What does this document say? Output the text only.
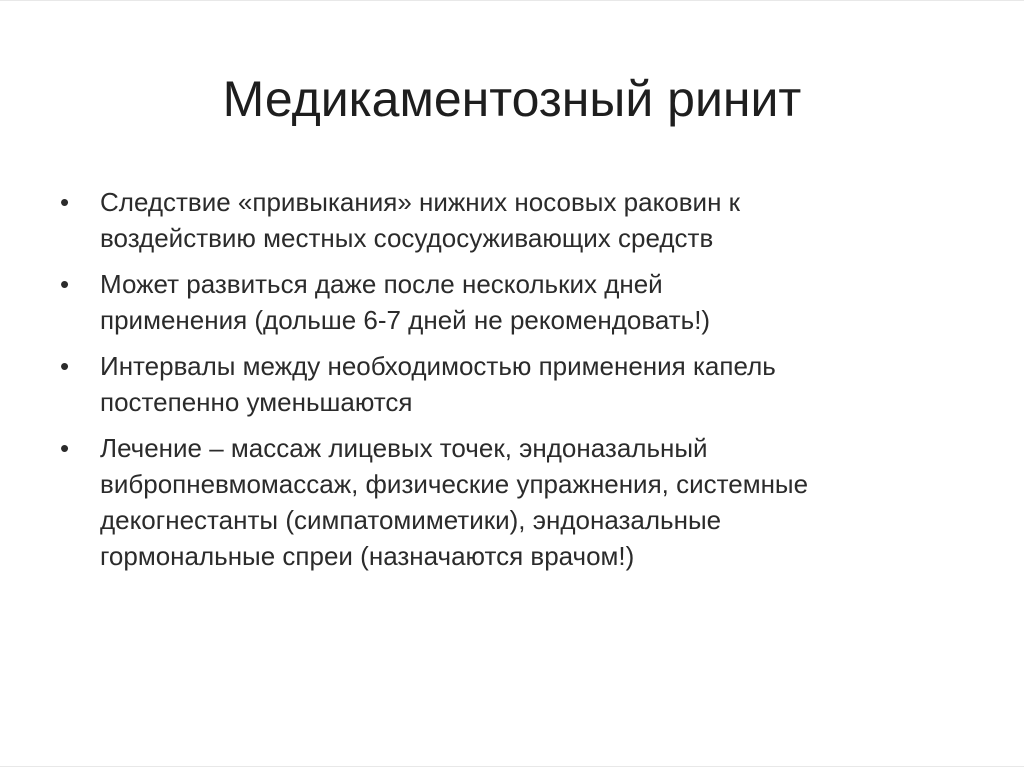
Медикаментозный ринит
•	Следствие «привыкания» нижних носовых раковин к
воздействию местных сосудосуживающих средств
•	Может развиться даже после нескольких дней
применения (дольше 6-7 дней не рекомендовать!)
•	Интервалы между необходимостью применения капель
постепенно уменьшаются
•	Лечение – массаж лицевых точек, эндоназальный
вибропневмомассаж, физические упражнения, системные
декогнестанты (симпатомиметики), эндоназальные
гормональные спреи (назначаются врачом!)
